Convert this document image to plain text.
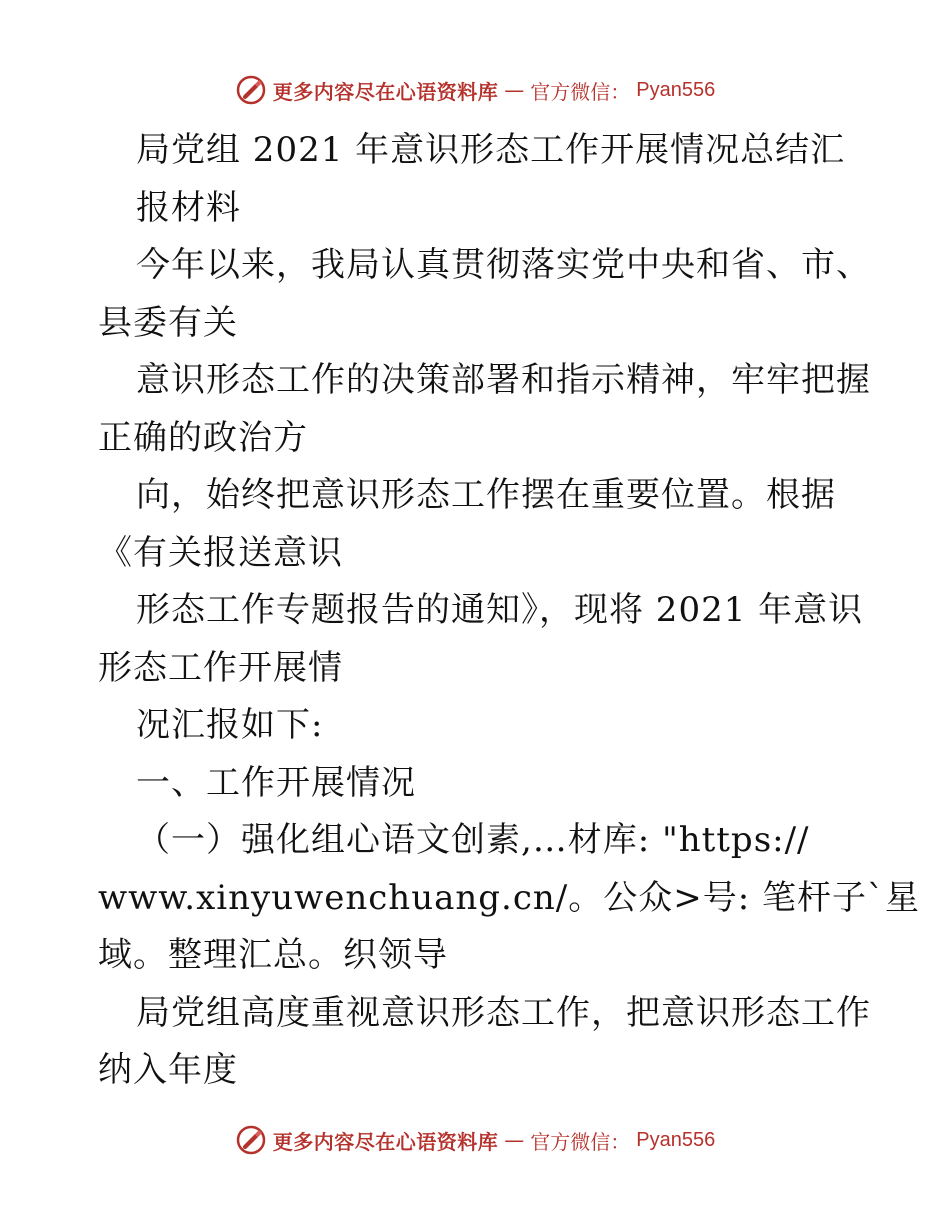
更多内容尽在心语资料库 — 官方微信： Pyan556
局党组 2021 年意识形态工作开展情况总结汇
报材料
今年以来，我局认真贯彻落实党中央和省、市、
县委有关
意识形态工作的决策部署和指示精神，牢牢把握
正确的政治方
向，始终把意识形态工作摆在重要位置。根据
《有关报送意识
形态工作专题报告的通知》，现将 2021 年意识
形态工作开展情
况汇报如下:
一、工作开展情况
（一）强化组心语文创素,…材库: "https://
www.xinyuwenchuang.cn/。公众>号: 笔杆子`星
域。整理汇总。织领导
局党组高度重视意识形态工作，把意识形态工作
纳入年度
更多内容尽在心语资料库 — 官方微信： Pyan556
